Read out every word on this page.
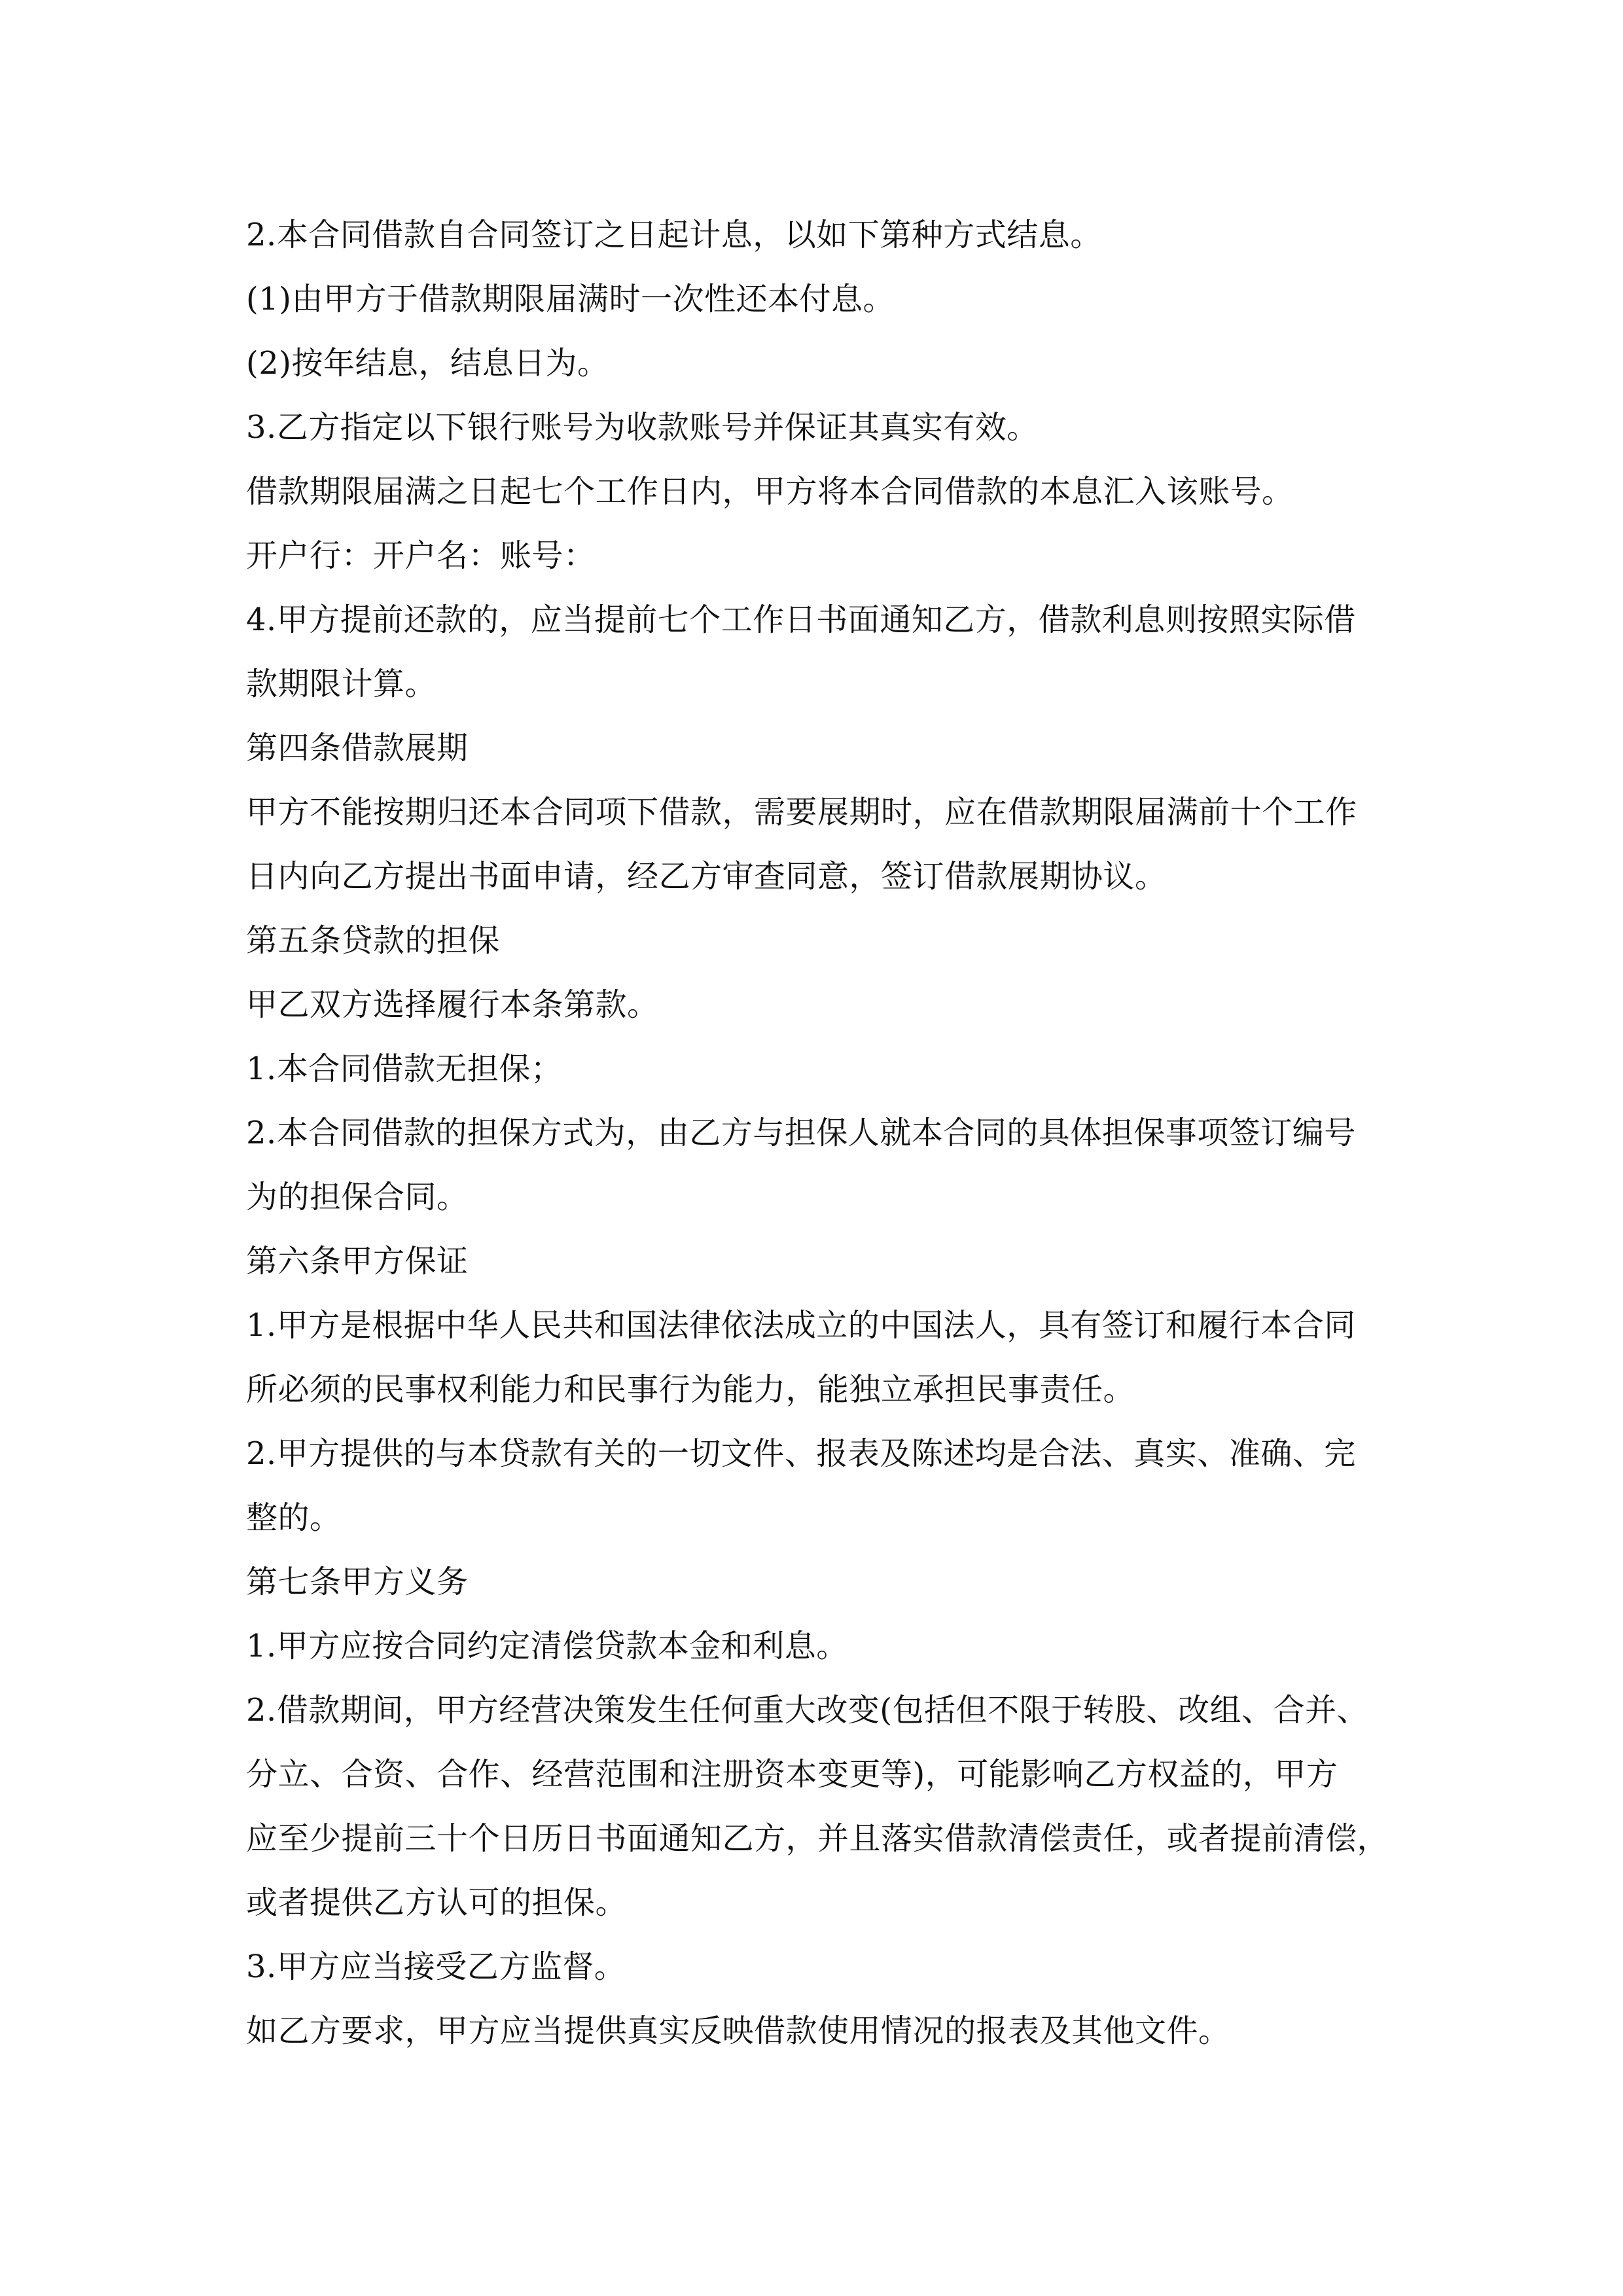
2.本合同借款自合同签订之日起计息，以如下第种方式结息。
(1)由甲方于借款期限届满时一次性还本付息。
(2)按年结息，结息日为。
3.乙方指定以下银行账号为收款账号并保证其真实有效。
借款期限届满之日起七个工作日内，甲方将本合同借款的本息汇入该账号。
开户行：开户名：账号：
4.甲方提前还款的，应当提前七个工作日书面通知乙方，借款利息则按照实际借
款期限计算。
第四条借款展期
甲方不能按期归还本合同项下借款，需要展期时，应在借款期限届满前十个工作
日内向乙方提出书面申请，经乙方审查同意，签订借款展期协议。
第五条贷款的担保
甲乙双方选择履行本条第款。
1.本合同借款无担保；
2.本合同借款的担保方式为，由乙方与担保人就本合同的具体担保事项签订编号
为的担保合同。
第六条甲方保证
1.甲方是根据中华人民共和国法律依法成立的中国法人，具有签订和履行本合同
所必须的民事权利能力和民事行为能力，能独立承担民事责任。
2.甲方提供的与本贷款有关的一切文件、报表及陈述均是合法、真实、准确、完
整的。
第七条甲方义务
1.甲方应按合同约定清偿贷款本金和利息。
2.借款期间，甲方经营决策发生任何重大改变(包括但不限于转股、改组、合并、
分立、合资、合作、经营范围和注册资本变更等)，可能影响乙方权益的，甲方
应至少提前三十个日历日书面通知乙方，并且落实借款清偿责任，或者提前清偿，
或者提供乙方认可的担保。
3.甲方应当接受乙方监督。
如乙方要求，甲方应当提供真实反映借款使用情况的报表及其他文件。
